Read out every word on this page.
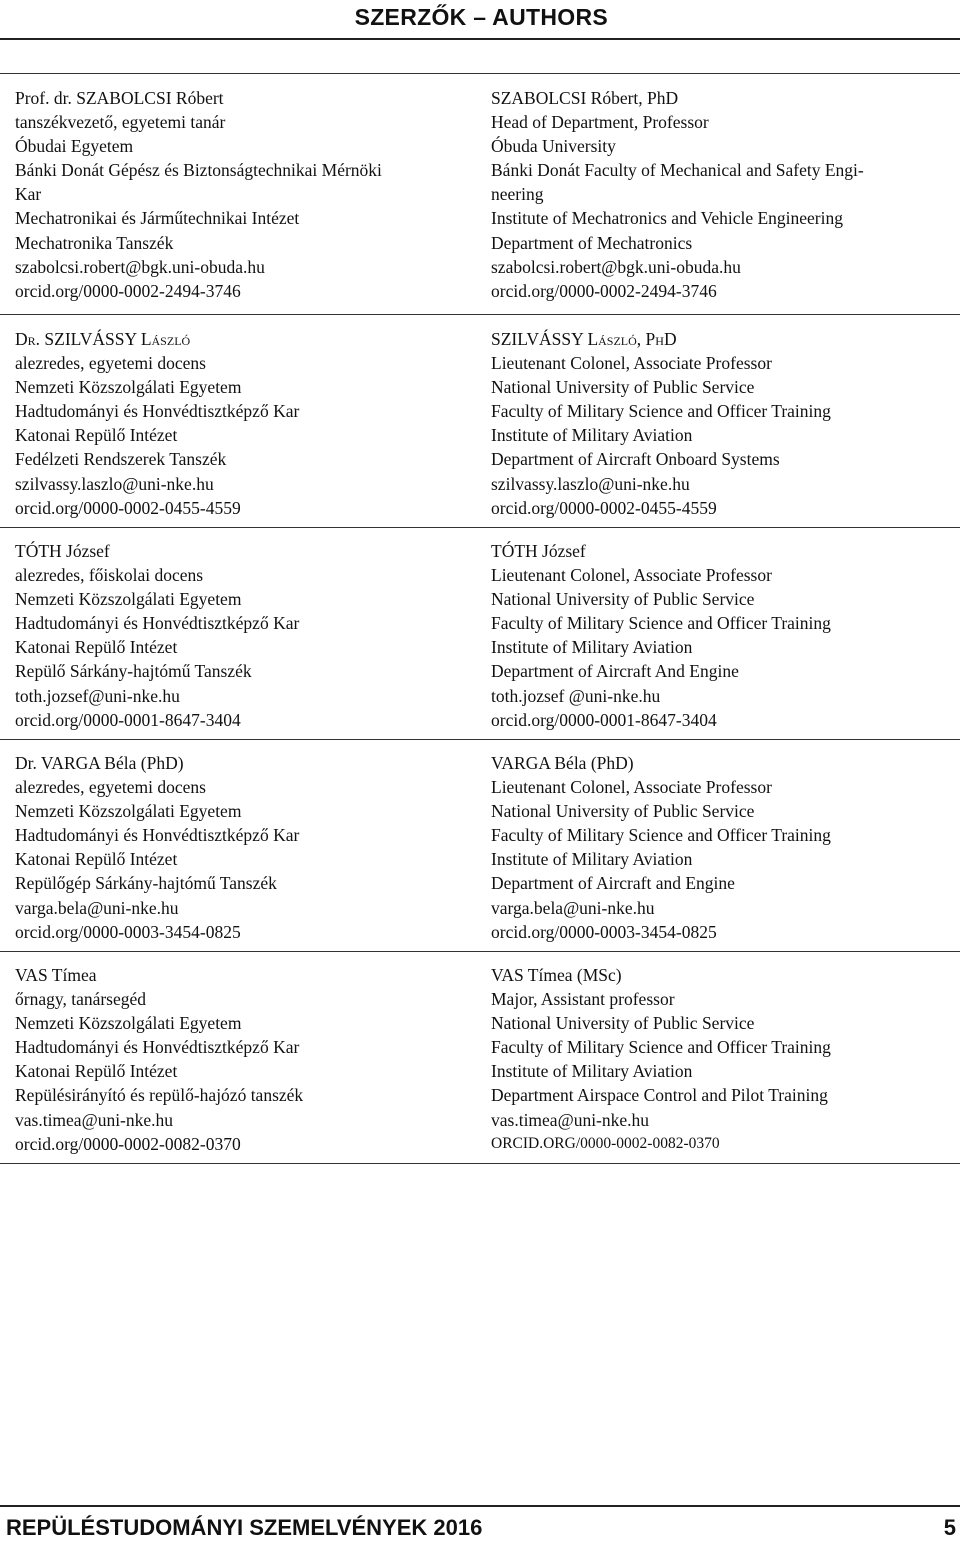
SZERZŐK – AUTHORS
Prof. dr. SZABOLCSI Róbert
tanszékvezető, egyetemi tanár
Óbudai Egyetem
Bánki Donát Gépész és Biztonságtechnikai Mérnöki
Kar
Mechatronikai és Járműtechnikai Intézet
Mechatronika Tanszék
szabolcsi.robert@bgk.uni-obuda.hu
orcid.org/0000-0002-2494-3746
SZABOLCSI Róbert, PhD
Head of Department, Professor
Óbuda University
Bánki Donát Faculty of Mechanical and Safety Engi-
neering
Institute of Mechatronics and Vehicle Engineering
Department of Mechatronics
szabolcsi.robert@bgk.uni-obuda.hu
orcid.org/0000-0002-2494-3746
Dr. SZILVÁSSY László
alezredes, egyetemi docens
Nemzeti Közszolgálati Egyetem
Hadtudományi és Honvédtisztképző Kar
Katonai Repülő Intézet
Fedélzeti Rendszerek Tanszék
szilvassy.laszlo@uni-nke.hu
orcid.org/0000-0002-0455-4559
SZILVÁSSY László, PhD
Lieutenant Colonel, Associate Professor
National University of Public Service
Faculty of Military Science and Officer Training
Institute of Military Aviation
Department of Aircraft Onboard Systems
szilvassy.laszlo@uni-nke.hu
orcid.org/0000-0002-0455-4559
TÓTH József
alezredes, főiskolai docens
Nemzeti Közszolgálati Egyetem
Hadtudományi és Honvédtisztképző Kar
Katonai Repülő Intézet
Repülő Sárkány-hajtómű Tanszék
toth.jozsef@uni-nke.hu
orcid.org/0000-0001-8647-3404
TÓTH József
Lieutenant Colonel, Associate Professor
National University of Public Service
Faculty of Military Science and Officer Training
Institute of Military Aviation
Department of Aircraft And Engine
toth.jozsef @uni-nke.hu
orcid.org/0000-0001-8647-3404
Dr. VARGA Béla (PhD)
alezredes, egyetemi docens
Nemzeti Közszolgálati Egyetem
Hadtudományi és Honvédtisztképző Kar
Katonai Repülő Intézet
Repülőgép Sárkány-hajtómű Tanszék
varga.bela@uni-nke.hu
orcid.org/0000-0003-3454-0825
VARGA Béla (PhD)
Lieutenant Colonel, Associate Professor
National University of Public Service
Faculty of Military Science and Officer Training
Institute of Military Aviation
Department of Aircraft and Engine
varga.bela@uni-nke.hu
orcid.org/0000-0003-3454-0825
VAS Tímea
őrnagy, tanársegéd
Nemzeti Közszolgálati Egyetem
Hadtudományi és Honvédtisztképző Kar
Katonai Repülő Intézet
Repülésirányító és repülő-hajózó tanszék
vas.timea@uni-nke.hu
orcid.org/0000-0002-0082-0370
VAS Tímea (MSc)
Major, Assistant professor
National University of Public Service
Faculty of Military Science and Officer Training
Institute of Military Aviation
Department Airspace Control and Pilot Training
vas.timea@uni-nke.hu
ORCID.ORG/0000-0002-0082-0370
REPÜLÉSTUDOMÁNYI SZEMELVÉNYEK 2016	5
